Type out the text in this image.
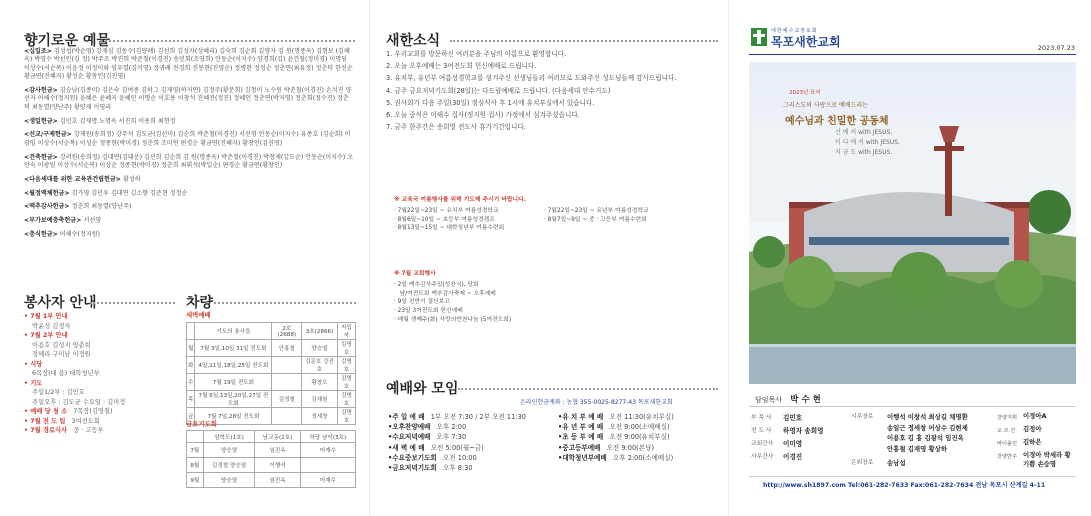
향기로운 예물

<십일조> 김성섭(박순영) 강재심 김동수(김양례) 김선희 김성자(성혜리) 김숙희 김순회 김영자 김 원(명종옥) 김형보 (김혜옥) 박영수 박선인(김 정) 박주조 박진희 박준철(이경진) 송민회(조영희) 안동순(이지수) 양경희(김) 윤건철(정미경) 이명임 이상수(서순복) 이윤정 이정이와 임우열(김미영) 정귀례 전경희 진봉현(진영순) 정병현 정정순 정춘연(최유정) 정춘덕 한진순 황금연(진혜자) 황성순 황창인(김진영)

<감사헌금> 김승남(김종미) 김은숙 김여종 김하그 김재영(하지연) 김정주(황분회) 김청미 노수원 박준철(이경진) 손석진 양선자 어해수(정지원) 윤혜은 윤혜지 윤혜민 이명순 이호용 이창석 진혜진(정진) 정혜인 정춘연(박지영) 정춘회(정수진) 정춘덕 최동열(양난주) 황양재 이영리

<생일헌금> 김민호 김재명 노명옥 서진희 이용희 최현정

<선교/구제헌금> 강재원(송희정) 강주석 김도균(김선미) 김순희 박준철(이경진) 서선영 안동순(이지수) 유종호 (김순회) 이광임 이상수(서순복) 이성순 정종현(박미경) 정춘희 조미연 편경순 황금연(진혜자) 황창인(김진영)

<건축헌금> 강려원(송희정) 김대연(김대운) 김선희 김순희 김 원(명종옥) 박준철(이경진) 박창제(김도순) 안동순(이지수) 오안숙 이광임 이상수(서순복) 이성순 정종현(박미경) 정춘희 최휘석(박일순) 편경순 황금연(황창인)

<다음세대를 위한 교육관건립헌금> 황성하

<월정액체헌금> 김가영 김민우 김대연 김소향 김준현 정정순

<맥추감사헌금> 정춘희 최동열(양난주)

<부가보예충축헌금> 서선영

<충식헌금> 어해수(정지원)

봉사자 안내
• 7월 1부 안내
박윤성 김정자
• 7월 2부 안내
이용호 김성지 양춘희
정혜리 구미남 이정원
• 식당
6목장(대 용) 대학청년부
• 기도
주일1/2부 : 김민호
주일오후 : 김도균 수요일 : 김미정
• 예배 당 청 소 7목장(김영철)
• 7월 전 도 팀 3여전도회
• 7월 경로식사 중 · 고등부
차량
새벽예배
	기도의 용사들	2호(2688)	3호(2866)	지입자
월	7월 3일,10일 31일 전도회	안홍철	양승열	김명호
화	4일,11일,18일,25일 전도회		김문호 강진호	김명호
수	7월 19일 전도회		황창오	김명호
목	7월 6일,13일,20일,27일 전도회	김정철	김재원	김명호
금	7월 7일,28일 전도회		정세창	김명호
금요기도회
	삼학도(1호)	남교동(2호)	하당 남악(3호)
7월	양승열	임진옥	어재수
8월	김정철 양승열	이행석	
9월	양승열	임진옥	어재수
새한소식
1. 우리교회를 방문하신 여러분을 주님의 이름으로 환영합니다.
2. 오늘 오후예배는 3여전도회 헌신예배로 드립니다.
3. 유치부, 유년부 여름성경학교를 섬겨주신 선생님들과 여러모로 도와주신 성도님들께 감사드립니다.
4. 금주 금요저녁기도회(28일)는 다드림예배로 드립니다. (다음세대 안수기도)
5. 권사회가 다음 주일(30일) 점심식사 후 1시에 유치부실에서 있습니다.
6. 오늘 중식은 어해수 집사(정지원 집사) 가정에서 섬겨주셨습니다.
7. 금주 한주간은 송희영 전도사 휴가기간입니다.
※ 교육국 여름행사를 위해 기도해 주시기 바랍니다.
· 7월22일~23일 ~ 유치부 여름성경학교
· 8월6일~10일 ~ 초등부 여름성경캠프
· 8월13일~15일 ~ 대학청년부 여름수련회
· 7월22일~23일 ~ 유년부 여름성경학교
· 8월7일~9일 ~ 중 · 고등부 여름수련회
※ 7월 교회행사
· 2일 맥추감사주일(성찬식), 당회
남/여전도회 맥추감사축제 ~ 오후예배
· 9일 전반기 결산보고
· 23일 3여전도회 헌신예배
· 매월 셋째주(화) 사랑의반찬나눔 (5여전도회)
예배와 모임
온라인헌금계좌 : 농협 355-0025-8277-43 목포새한교회
•주 일 예 배 1부 오전 7:30 / 2부 오전 11:30
•오후찬양예배 오후 2:00
•수요저녁예배 오후 7:30
•새 벽 예 배 오전 5:00(월~금)
•수요중보기도회 오전 10:00
•금요저녁기도회 오후 8:30
•유 치 부 예 배 오전 11:30(유치부실)
•유 년 부 예 배 오전 9:00(소예배실)
•초 등 부 예 배 오전 9:00(유치부실)
•중고등부예배 오전 9:00(본당)
•대학청년부예배 오후 2:00(소예배실)
대한예수교장로회
목포새한교회	2023.07.23
2023년 표어
그리스도의 사랑으로 예배드리는
예수님과 친밀한 공동체
신 에 서 with JESUS,
이 다 에 서 with JESUS,
지 금 도 with JESUS.
담임목사 박 수 현
부 목 사	김민호
전 도 사	하영자 송희영
교회간사	이미영
사무간사	이경진
시무장로	이행석 이창석 최상길 채명환
송일근 정세창 어상수 김현제
이용호 김 홍 김광석 임진옥
안홍철 김재영 황상하
은퇴장로	송남섭
찬양지휘 이경아A
오 르 간	김정아
바이올린 김하은
찬양반주 이경아 박세라 황기쁨 손승명
http://www.sh1897.com Tel:061-282-7633 Fax:061-282-7634 전남 목포시 산계길 4-11
